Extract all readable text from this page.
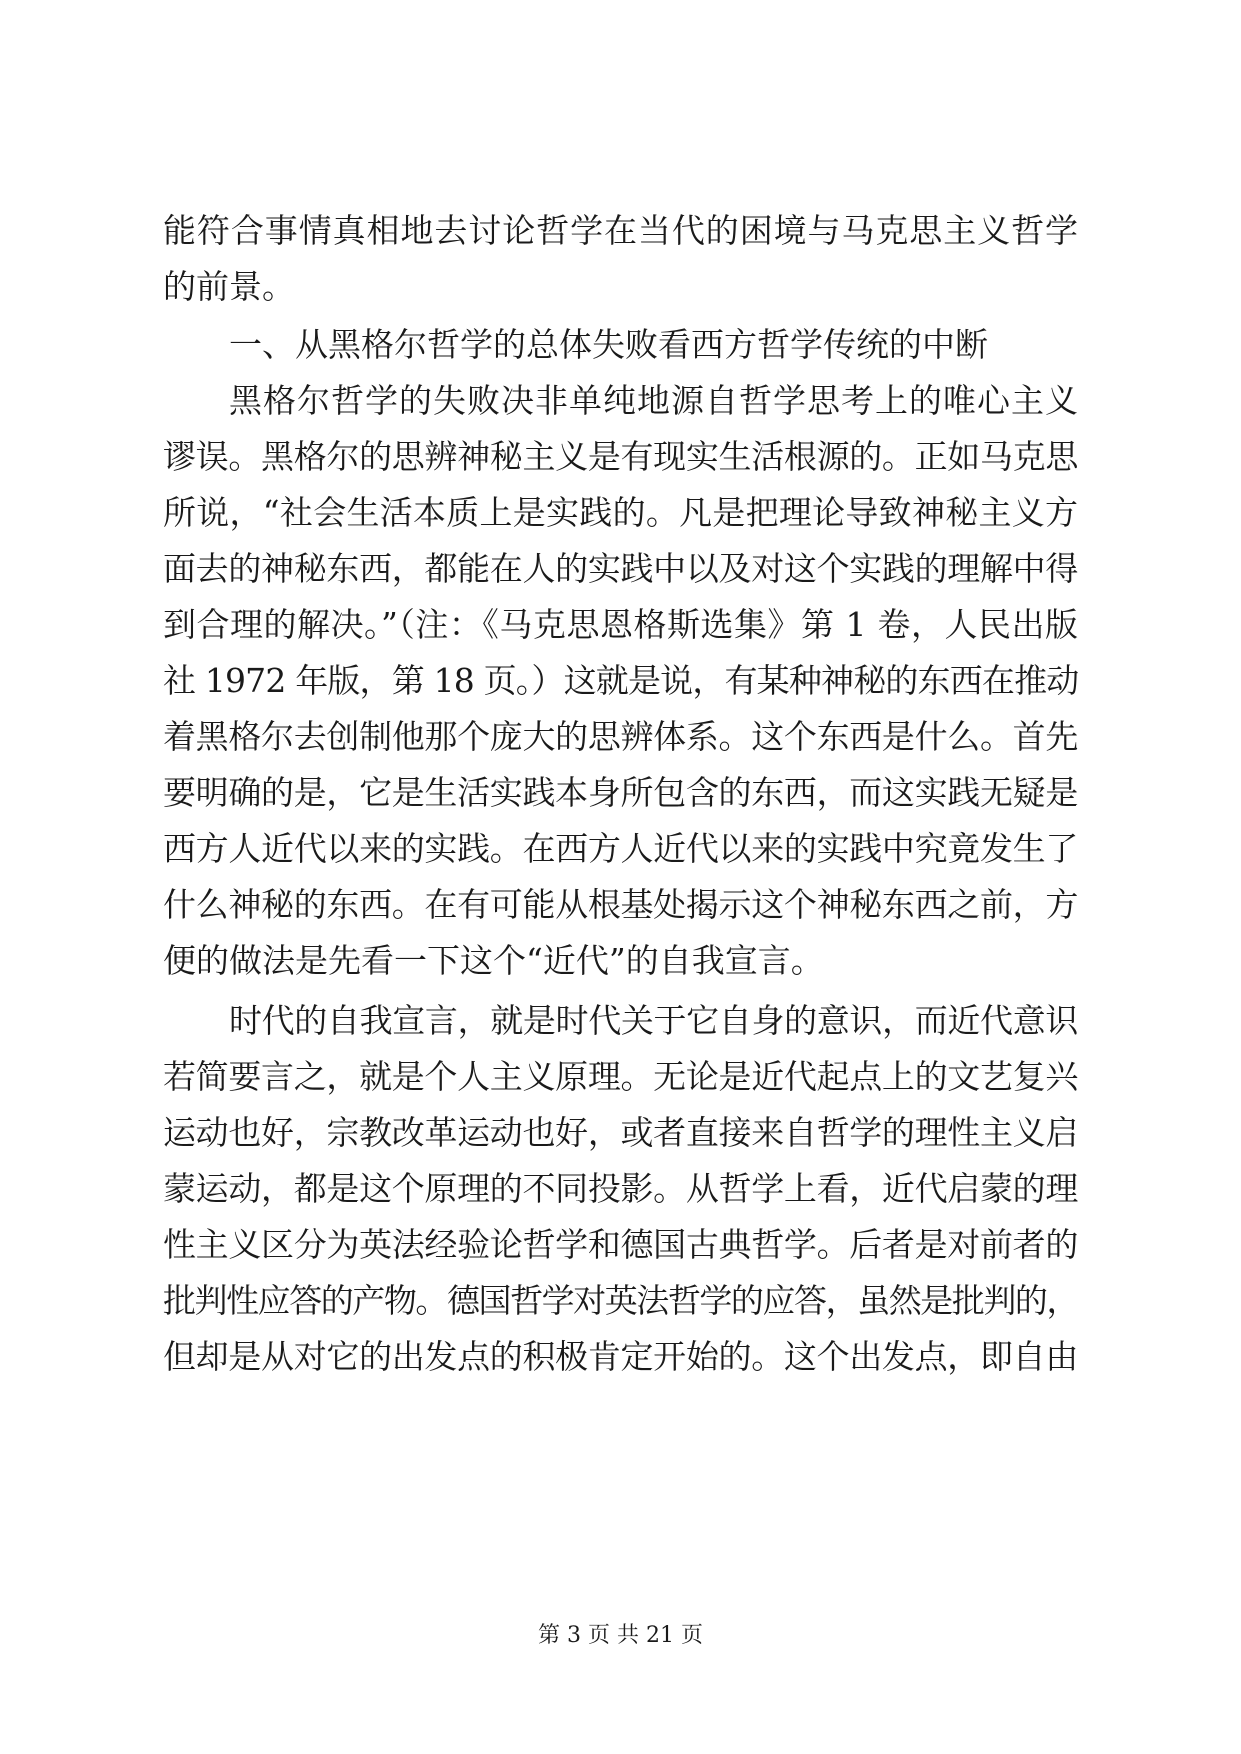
能符合事情真相地去讨论哲学在当代的困境与马克思主义哲学
的前景。
一、从黑格尔哲学的总体失败看西方哲学传统的中断
黑格尔哲学的失败决非单纯地源自哲学思考上的唯心主义
谬误。黑格尔的思辨神秘主义是有现实生活根源的。正如马克思
所说，“社会生活本质上是实践的。凡是把理论导致神秘主义方
面去的神秘东西，都能在人的实践中以及对这个实践的理解中得
到合理的解决。”（注：《马克思恩格斯选集》第 1 卷，人民出版
社 1972 年版，第 18 页。）这就是说，有某种神秘的东西在推动
着黑格尔去创制他那个庞大的思辨体系。这个东西是什么。首先
要明确的是，它是生活实践本身所包含的东西，而这实践无疑是
西方人近代以来的实践。在西方人近代以来的实践中究竟发生了
什么神秘的东西。在有可能从根基处揭示这个神秘东西之前，方
便的做法是先看一下这个“近代”的自我宣言。
时代的自我宣言，就是时代关于它自身的意识，而近代意识
若简要言之，就是个人主义原理。无论是近代起点上的文艺复兴
运动也好，宗教改革运动也好，或者直接来自哲学的理性主义启
蒙运动，都是这个原理的不同投影。从哲学上看，近代启蒙的理
性主义区分为英法经验论哲学和德国古典哲学。后者是对前者的
批判性应答的产物。德国哲学对英法哲学的应答，虽然是批判的，
但却是从对它的出发点的积极肯定开始的。这个出发点，即自由
第 3 页 共 21 页
